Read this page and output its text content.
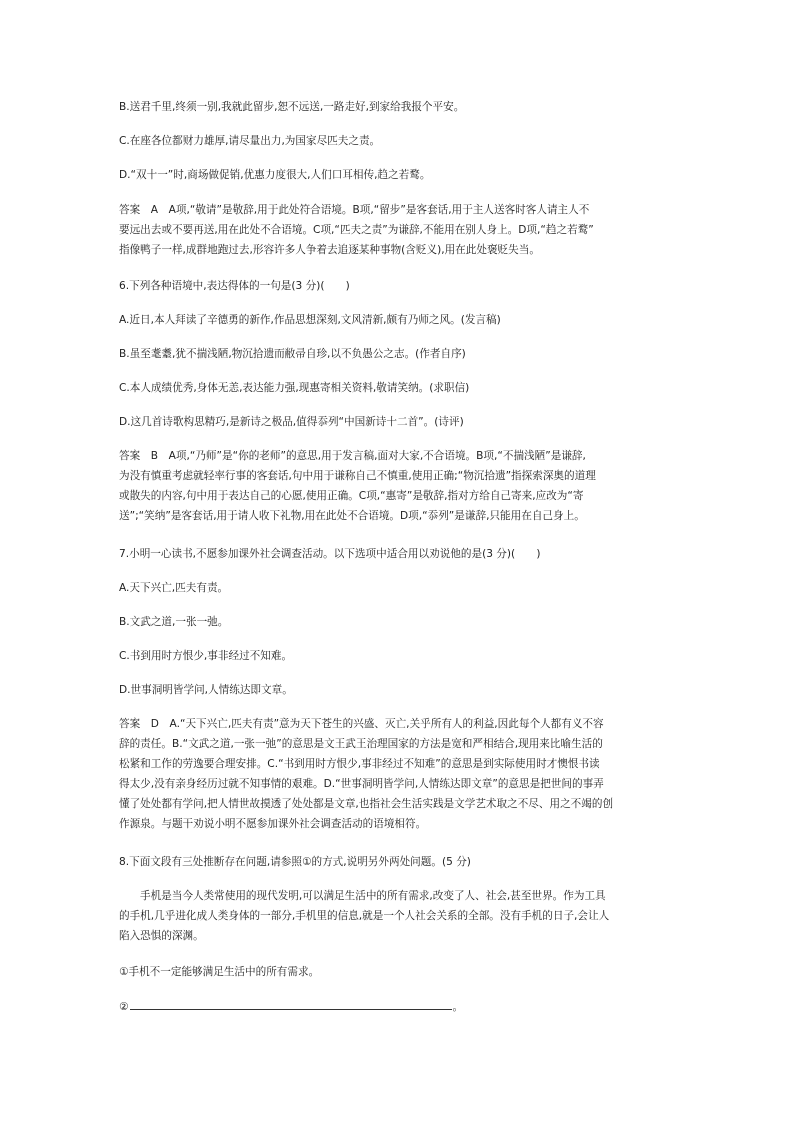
B.送君千里,终须一别,我就此留步,恕不远送,一路走好,到家给我报个平安。

C.在座各位都财力雄厚,请尽量出力,为国家尽匹夫之责。

D.“双十一”时,商场做促销,优惠力度很大,人们口耳相传,趋之若鹜。

答案　A　A项,“敬请”是敬辞,用于此处符合语境。B项,“留步”是客套话,用于主人送客时客人请主人不
要远出去或不要再送,用在此处不合语境。C项,“匹夫之责”为谦辞,不能用在别人身上。D项,“趋之若鹜”
指像鸭子一样,成群地跑过去,形容许多人争着去追逐某种事物(含贬义),用在此处褒贬失当。

6.下列各种语境中,表达得体的一句是(3 分)(　　)

A.近日,本人拜读了辛德勇的新作,作品思想深刻,文风清新,颇有乃师之风。(发言稿)

B.虽至耄耋,犹不揣浅陋,物沉拾遗而敝帚自珍,以不负愚公之志。(作者自序)

C.本人成绩优秀,身体无恙,表达能力强,现惠寄相关资料,敬请笑纳。(求职信)

D.这几首诗歌构思精巧,是新诗之极品,值得忝列“中国新诗十二首”。(诗评)

答案　B　A项,“乃师”是“你的老师”的意思,用于发言稿,面对大家,不合语境。B项,“不揣浅陋”是谦辞,
为没有慎重考虑就轻率行事的客套话,句中用于谦称自己不慎重,使用正确;“物沉拾遗”指探索深奥的道理
或散失的内容,句中用于表达自己的心愿,使用正确。C项,“惠寄”是敬辞,指对方给自己寄来,应改为“寄
送”;“笑纳”是客套话,用于请人收下礼物,用在此处不合语境。D项,“忝列”是谦辞,只能用在自己身上。

7.小明一心读书,不愿参加课外社会调查活动。以下选项中适合用以劝说他的是(3 分)(　　)

A.天下兴亡,匹夫有责。

B.文武之道,一张一弛。

C.书到用时方恨少,事非经过不知难。

D.世事洞明皆学问,人情练达即文章。

答案　D　A.“天下兴亡,匹夫有责”意为天下苍生的兴盛、灭亡,关乎所有人的利益,因此每个人都有义不容
辞的责任。B.“文武之道,一张一弛”的意思是文王武王治理国家的方法是宽和严相结合,现用来比喻生活的
松紧和工作的劳逸要合理安排。C.“书到用时方恨少,事非经过不知难”的意思是到实际使用时才懊恨书读
得太少,没有亲身经历过就不知事情的艰难。D.“世事洞明皆学问,人情练达即文章”的意思是把世间的事弄
懂了处处都有学问,把人情世故摸透了处处都是文章,也指社会生活实践是文学艺术取之不尽、用之不竭的创
作源泉。与题干劝说小明不愿参加课外社会调查活动的语境相符。

8.下面文段有三处推断存在问题,请参照①的方式,说明另外两处问题。(5 分)

手机是当今人类常使用的现代发明,可以满足生活中的所有需求,改变了人、社会,甚至世界。作为工具
的手机,几乎进化成人类身体的一部分,手机里的信息,就是一个人社会关系的全部。没有手机的日子,会让人
陷入恐惧的深渊。

①手机不一定能够满足生活中的所有需求。

②	。
